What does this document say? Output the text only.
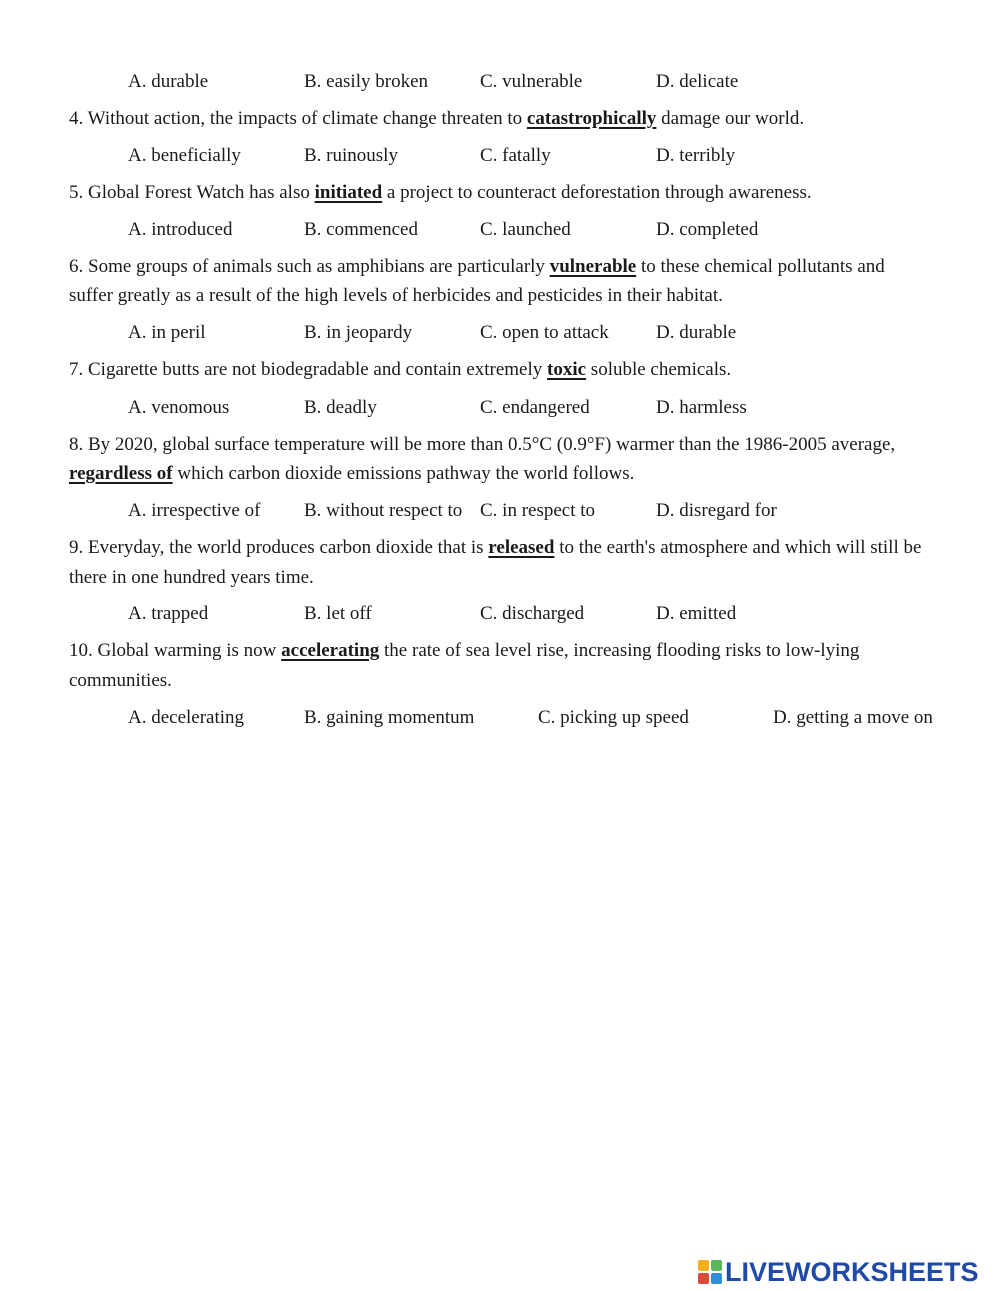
A. durable	B. easily broken	C. vulnerable	D. delicate
4. Without action, the impacts of climate change threaten to catastrophically damage our world.
A. beneficially	B. ruinously	C. fatally	D. terribly
5. Global Forest Watch has also initiated a project to counteract deforestation through awareness.
A. introduced	B. commenced	C. launched	D. completed
6. Some groups of animals such as amphibians are particularly vulnerable to these chemical pollutants and
suffer greatly as a result of the high levels of herbicides and pesticides in their habitat.
A. in peril	B. in jeopardy	C. open to attack D. durable
7. Cigarette butts are not biodegradable and contain extremely toxic soluble chemicals.
A. venomous	B. deadly	C. endangered	D. harmless
8. By 2020, global surface temperature will be more than 0.5°C (0.9°F) warmer than the 1986-2005 average,
regardless of which carbon dioxide emissions pathway the world follows.
A. irrespective of B. without respect to C. in respect to	D. disregard for
9. Everyday, the world produces carbon dioxide that is released to the earth's atmosphere and which will still be
there in one hundred years time.
A. trapped	B. let off	C. discharged	D. emitted
10. Global warming is now accelerating the rate of sea level rise, increasing flooding risks to low-lying
communities.
A. decelerating	B. gaining momentum	C. picking up speed	D. getting a move on
LIVEWORKSHEETS
